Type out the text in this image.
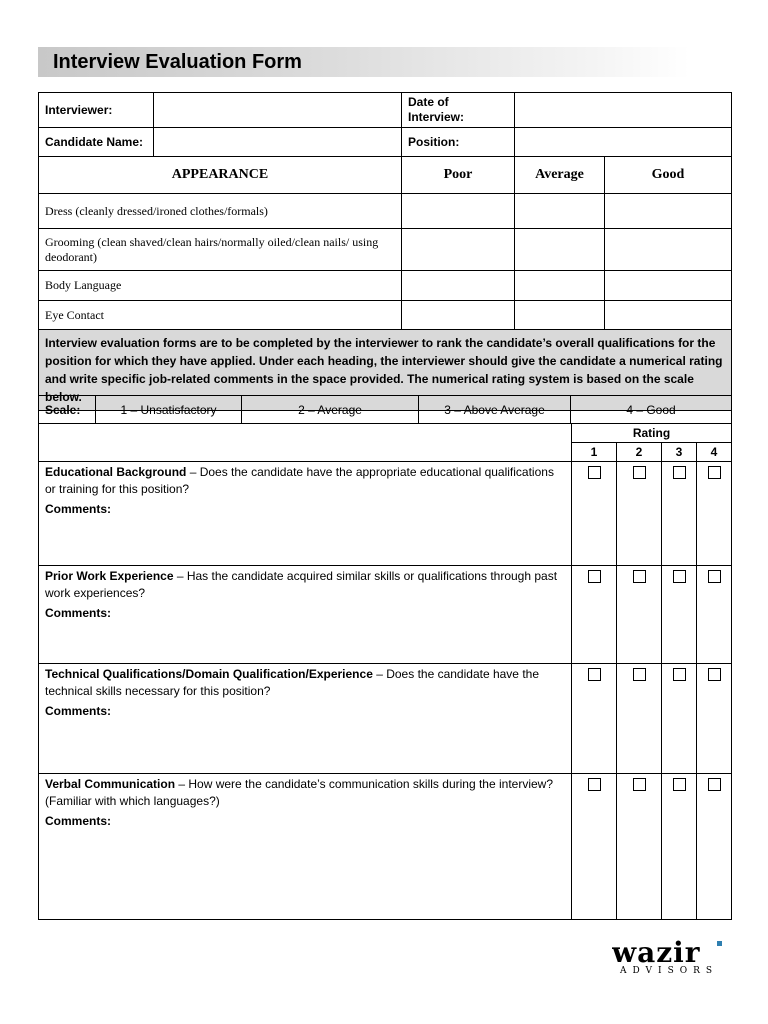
Interview Evaluation Form
Interviewer:		Date of
Interview:		
Candidate Name:		Position:		
APPEARANCE		Poor	Average	Good
Dress (cleanly dressed/ironed clothes/formals)				
Grooming (clean shaved/clean hairs/normally oiled/clean nails/ using deodorant)				
Body Language				
Eye Contact				
Interview evaluation forms are to be completed by the interviewer to rank the candidate’s overall qualifications for the position for which they have applied. Under each heading, the interviewer should give the candidate a numerical rating and write specific job-related comments in the space provided. The numerical rating system is based on the scale below.				
Scale:	1 – Unsatisfactory	2 – Average	3 – Above Average	4 – Good
	Rating			
	1	2	3	4
Educational Background – Does the candidate have the appropriate educational qualifications or training for this position?
Comments:				

Prior Work Experience – Has the candidate acquired similar skills or qualifications through past work experiences?
Comments:				

Technical Qualifications/Domain Qualification/Experience – Does the candidate have the technical skills necessary for this position?
Comments:				

Verbal Communication – How were the candidate’s communication skills during the interview? (Familiar with which languages?)
Comments:				

wazir
ADVISORS
